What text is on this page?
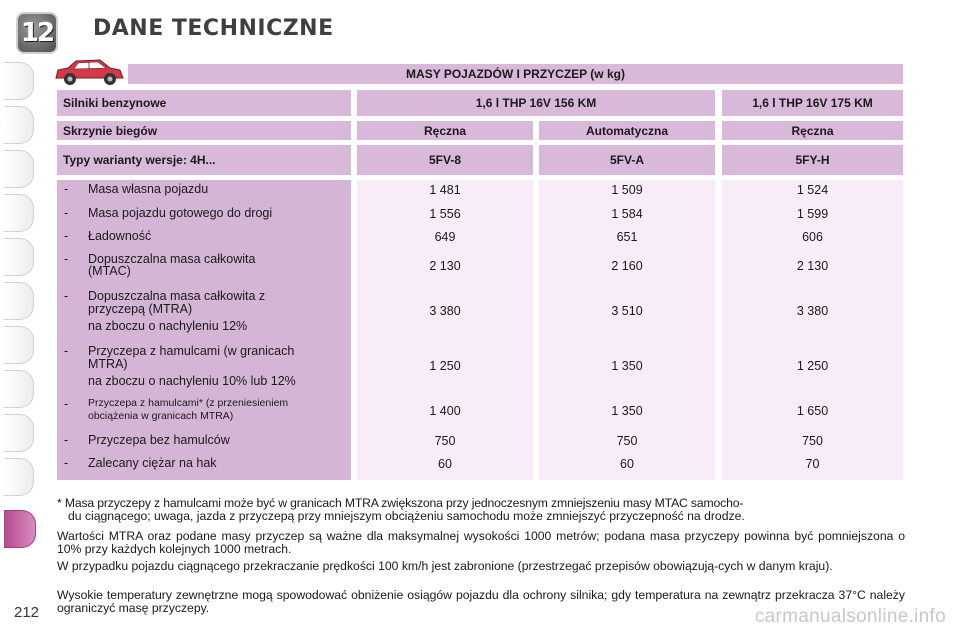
12 DANE TECHNICZNE
MASY POJAZDÓW I PRZYCZEP (w kg)
Silniki benzynowe	1,6 l THP 16V 156 KM	1,6 l THP 16V 175 KM
Skrzynie biegów	Ręczna	Automatyczna	Ręczna
Typy warianty wersje: 4H...	5FV-8	5FV-A	5FY-H
- Masa własna pojazdu	1 481	1 509	1 524
- Masa pojazdu gotowego do drogi	1 556	1 584	1 599
- Ładowność	649	651	606
- Dopuszczalna masa całkowita
(MTAC)	2 130	2 160	2 130
- Dopuszczalna masa całkowita z
przyczepą (MTRA)
na zboczu o nachyleniu 12%
3 380	3 510	3 380
- Przyczepa z hamulcami (w granicach
MTRA)
na zboczu o nachyleniu 10% lub 12%
1 250	1 350	1 250
- Przyczepa z hamulcami* (z przeniesieniem
obciążenia w granicach MTRA)	1 400	1 350	1 650
- Przyczepa bez hamulców	750	750	750
- Zalecany ciężar na hak	60	60	70
* Masa przyczepy z hamulcami może być w granicach MTRA zwiększona przy jednoczesnym zmniejszeniu masy MTAC samocho-
du ciągnącego; uwaga, jazda z przyczepą przy mniejszym obciążeniu samochodu może zmniejszyć przyczepność na drodze.
Wartości MTRA oraz podane masy przyczep są ważne dla maksymalnej wysokości 1000 metrów; podana masa przyczepy powinna być pomniejszona o 10% przy każdych kolejnych 1000 metrach.
W przypadku pojazdu ciągnącego przekraczanie prędkości 100 km/h jest zabronione (przestrzegać przepisów obowiązują-cych w danym kraju).
Wysokie temperatury zewnętrzne mogą spowodować obniżenie osiągów pojazdu dla ochrony silnika; gdy temperatura na zewnątrz przekracza 37°C należy ograniczyć masę przyczepy.
212	carmanualsonline.info
